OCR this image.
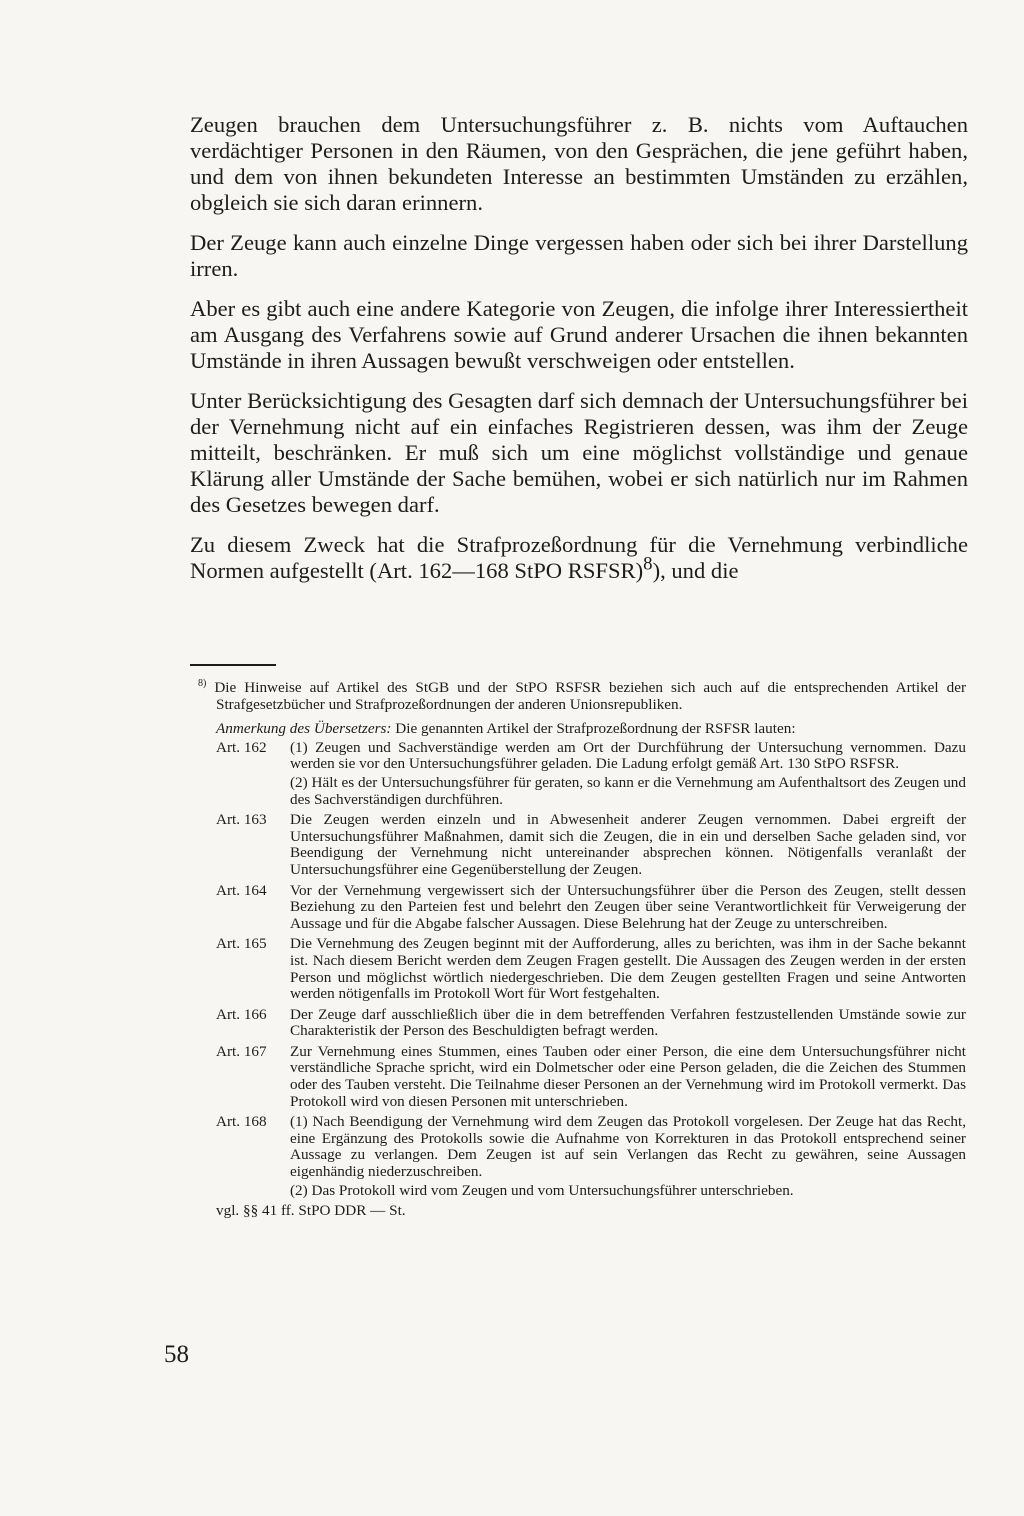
Zeugen brauchen dem Untersuchungsführer z. B. nichts vom Auftauchen verdächtiger Personen in den Räumen, von den Gesprächen, die jene geführt haben, und dem von ihnen bekundeten Interesse an bestimmten Umständen zu erzählen, obgleich sie sich daran erinnern.

Der Zeuge kann auch einzelne Dinge vergessen haben oder sich bei ihrer Darstellung irren.

Aber es gibt auch eine andere Kategorie von Zeugen, die infolge ihrer Interessiertheit am Ausgang des Verfahrens sowie auf Grund anderer Ursachen die ihnen bekannten Umstände in ihren Aussagen bewußt verschweigen oder entstellen.

Unter Berücksichtigung des Gesagten darf sich demnach der Untersuchungsführer bei der Vernehmung nicht auf ein einfaches Registrieren dessen, was ihm der Zeuge mitteilt, beschränken. Er muß sich um eine möglichst vollständige und genaue Klärung aller Umstände der Sache bemühen, wobei er sich natürlich nur im Rahmen des Gesetzes bewegen darf.

Zu diesem Zweck hat die Strafprozeßordnung für die Vernehmung verbindliche Normen aufgestellt (Art. 162—168 StPO RSFSR)$^8$), und die

$^{8)}$ Die Hinweise auf Artikel des StGB und der StPO RSFSR beziehen sich auch auf die entsprechenden Artikel der Strafgesetzbücher und Strafprozeßordnungen der anderen Unionsrepubliken.

Anmerkung des Übersetzers: Die genannten Artikel der Strafprozeßordnung der RSFSR lauten:

Art. 162	(1) Zeugen und Sachverständige werden am Ort der Durchführung der Untersuchung vernommen. Dazu werden sie vor den Untersuchungsführer geladen. Die Ladung erfolgt gemäß Art. 130 StPO RSFSR.

(2) Hält es der Untersuchungsführer für geraten, so kann er die Vernehmung am Aufenthaltsort des Zeugen und des Sachverständigen durchführen.

Art. 163	Die Zeugen werden einzeln und in Abwesenheit anderer Zeugen vernommen. Dabei ergreift der Untersuchungsführer Maßnahmen, damit sich die Zeugen, die in ein und derselben Sache geladen sind, vor Beendigung der Vernehmung nicht untereinander absprechen können. Nötigenfalls veranlaßt der Untersuchungsführer eine Gegenüberstellung der Zeugen.

Art. 164	Vor der Vernehmung vergewissert sich der Untersuchungsführer über die Person des Zeugen, stellt dessen Beziehung zu den Parteien fest und belehrt den Zeugen über seine Verantwortlichkeit für Verweigerung der Aussage und für die Abgabe falscher Aussagen. Diese Belehrung hat der Zeuge zu unterschreiben.

Art. 165	Die Vernehmung des Zeugen beginnt mit der Aufforderung, alles zu berichten, was ihm in der Sache bekannt ist. Nach diesem Bericht werden dem Zeugen Fragen gestellt. Die Aussagen des Zeugen werden in der ersten Person und möglichst wörtlich niedergeschrieben. Die dem Zeugen gestellten Fragen und seine Antworten werden nötigenfalls im Protokoll Wort für Wort festgehalten.

Art. 166	Der Zeuge darf ausschließlich über die in dem betreffenden Verfahren festzustellenden Umstände sowie zur Charakteristik der Person des Beschuldigten befragt werden.

Art. 167	Zur Vernehmung eines Stummen, eines Tauben oder einer Person, die eine dem Untersuchungsführer nicht verständliche Sprache spricht, wird ein Dolmetscher oder eine Person geladen, die die Zeichen des Stummen oder des Tauben versteht. Die Teilnahme dieser Personen an der Vernehmung wird im Protokoll vermerkt. Das Protokoll wird von diesen Personen mit unterschrieben.

Art. 168	(1) Nach Beendigung der Vernehmung wird dem Zeugen das Protokoll vorgelesen. Der Zeuge hat das Recht, eine Ergänzung des Protokolls sowie die Aufnahme von Korrekturen in das Protokoll entsprechend seiner Aussage zu verlangen. Dem Zeugen ist auf sein Verlangen das Recht zu gewähren, seine Aussagen eigenhändig niederzuschreiben.

(2) Das Protokoll wird vom Zeugen und vom Untersuchungsführer unterschrieben.

vgl. §§ 41 ff. StPO DDR — St.

58
